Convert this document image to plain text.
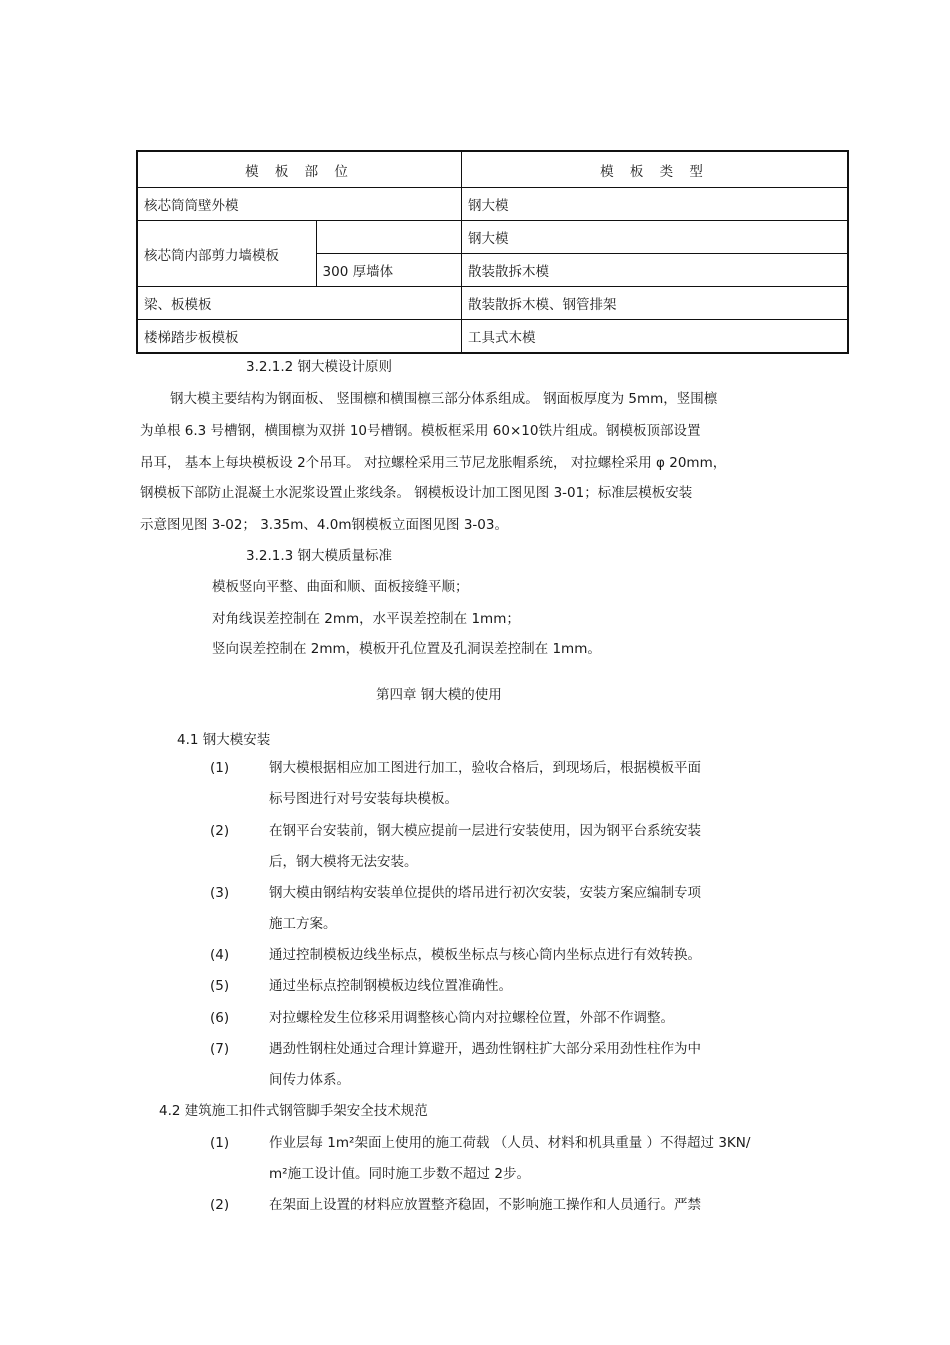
模 板 部 位		模 板 类 型
核芯筒筒壁外模		钢大模
核芯筒内部剪力墙模板		钢大模
	300 厚墙体	散装散拆木模
梁、板模板		散装散拆木模、钢管排架
楼梯踏步板模板		工具式木模
3.2.1.2 钢大模设计原则
钢大模主要结构为钢面板、 竖围檩和横围檩三部分体系组成。 钢面板厚度为 5mm，竖围檩
为单根 6.3 号槽钢，横围檩为双拼 10号槽钢。模板框采用 60×10铁片组成。钢模板顶部设置
吊耳， 基本上每块模板设 2个吊耳。 对拉螺栓采用三节尼龙胀帽系统， 对拉螺栓采用 φ 20mm，
钢模板下部防止混凝土水泥浆设置止浆线条。 钢模板设计加工图见图 3-01；标准层模板安装
示意图见图 3-02； 3.35m、4.0m钢模板立面图见图 3-03。
3.2.1.3 钢大模质量标准
模板竖向平整、曲面和顺、面板接缝平顺；
对角线误差控制在 2mm，水平误差控制在 1mm；
竖向误差控制在 2mm，模板开孔位置及孔洞误差控制在 1mm。
第四章 钢大模的使用
4.1 钢大模安装
(1)	钢大模根据相应加工图进行加工，验收合格后，到现场后，根据模板平面
标号图进行对号安装每块模板。
(2)	在钢平台安装前，钢大模应提前一层进行安装使用，因为钢平台系统安装
后，钢大模将无法安装。
(3)	钢大模由钢结构安装单位提供的塔吊进行初次安装，安装方案应编制专项
施工方案。
(4)	通过控制模板边线坐标点，模板坐标点与核心筒内坐标点进行有效转换。
(5)	通过坐标点控制钢模板边线位置准确性。
(6)	对拉螺栓发生位移采用调整核心筒内对拉螺栓位置，外部不作调整。
(7)	遇劲性钢柱处通过合理计算避开，遇劲性钢柱扩大部分采用劲性柱作为中
间传力体系。
4.2 建筑施工扣件式钢管脚手架安全技术规范
(1)	作业层每 1m²架面上使用的施工荷载 （人员、材料和机具重量 ）不得超过 3KN/
m²施工设计值。同时施工步数不超过 2步。
(2)	在架面上设置的材料应放置整齐稳固，不影响施工操作和人员通行。严禁
